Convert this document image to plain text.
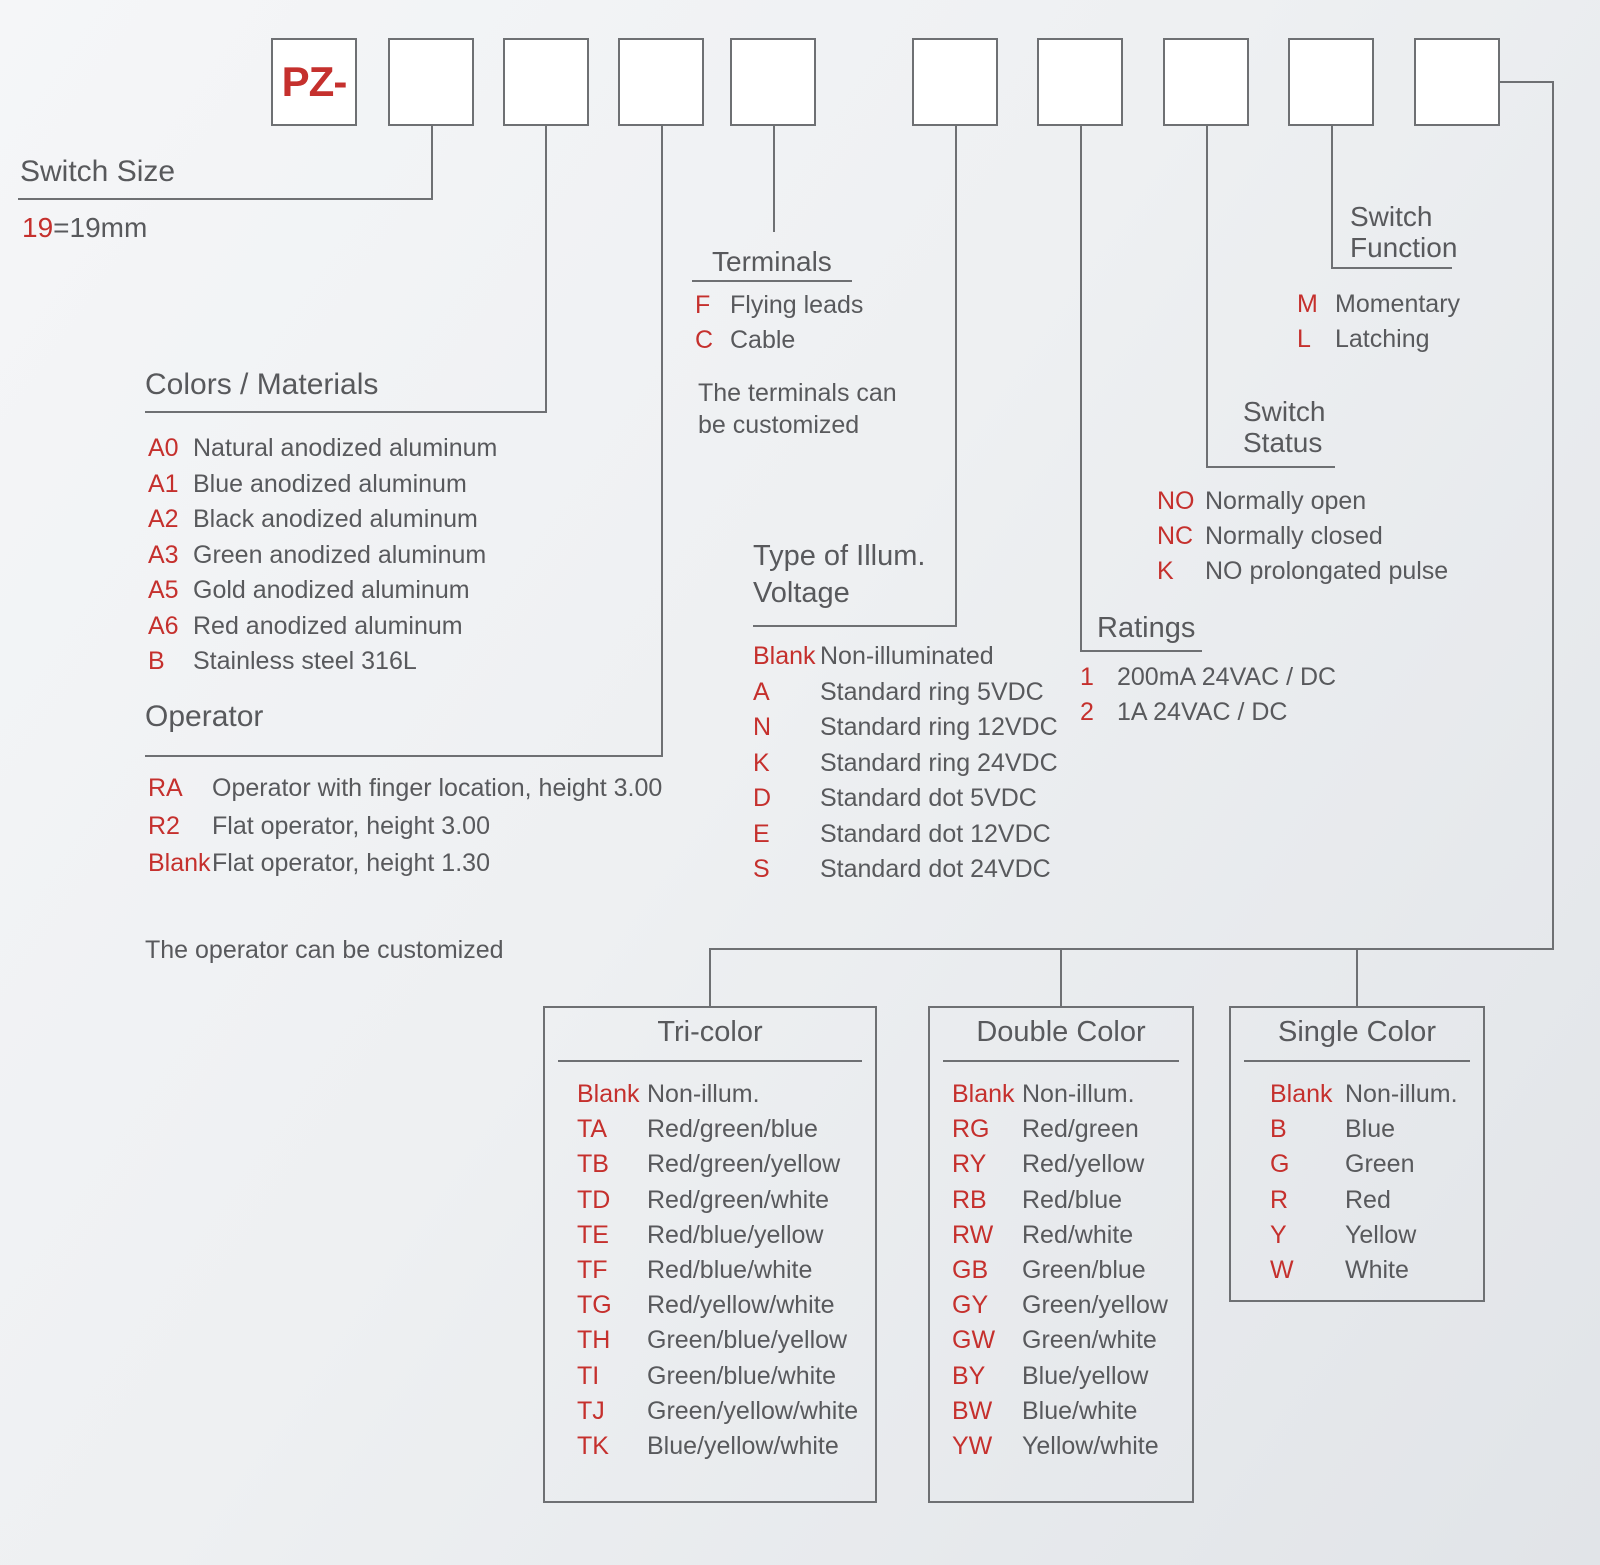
PZ-
Switch Size
19=19mm
Colors / Materials
A0 Natural anodized aluminum
A1 Blue anodized aluminum
A2 Black anodized aluminum
A3 Green anodized aluminum
A5 Gold anodized aluminum
A6 Red anodized aluminum
B	Stainless steel 316L
Operator
RA	Operator with finger location, height 3.00
R2	Flat operator, height 3.00
Blank Flat operator, height 1.30
The operator can be customized
Terminals
F Flying leads
C Cable
The terminals can be customized
Type of Illum.
Voltage
Blank Non-illuminated
A	Standard ring 5VDC
N	Standard ring 12VDC
K	Standard ring 24VDC
D	Standard dot 5VDC
E	Standard dot 12VDC
S	Standard dot 24VDC
Ratings
1 200mA 24VAC / DC
2 1A 24VAC / DC
Switch
Status
NO Normally open
NC Normally closed
K	NO prolongated pulse
Switch
Function
M Momentary
L Latching
Tri-color
Blank Non-illum.
TA	Red/green/blue
TB	Red/green/yellow
TD	Red/green/white
TE	Red/blue/yellow
TF	Red/blue/white
TG	Red/yellow/white
TH	Green/blue/yellow
TI	Green/blue/white
TJ	Green/yellow/white
TK	Blue/yellow/white
Double Color
Blank Non-illum.
RG	Red/green
RY	Red/yellow
RB	Red/blue
RW	Red/white
GB	Green/blue
GY	Green/yellow
GW	Green/white
BY	Blue/yellow
BW	Blue/white
YW	Yellow/white
Single Color
Blank Non-illum.
B	Blue
G	Green
R	Red
Y	Yellow
W	White
